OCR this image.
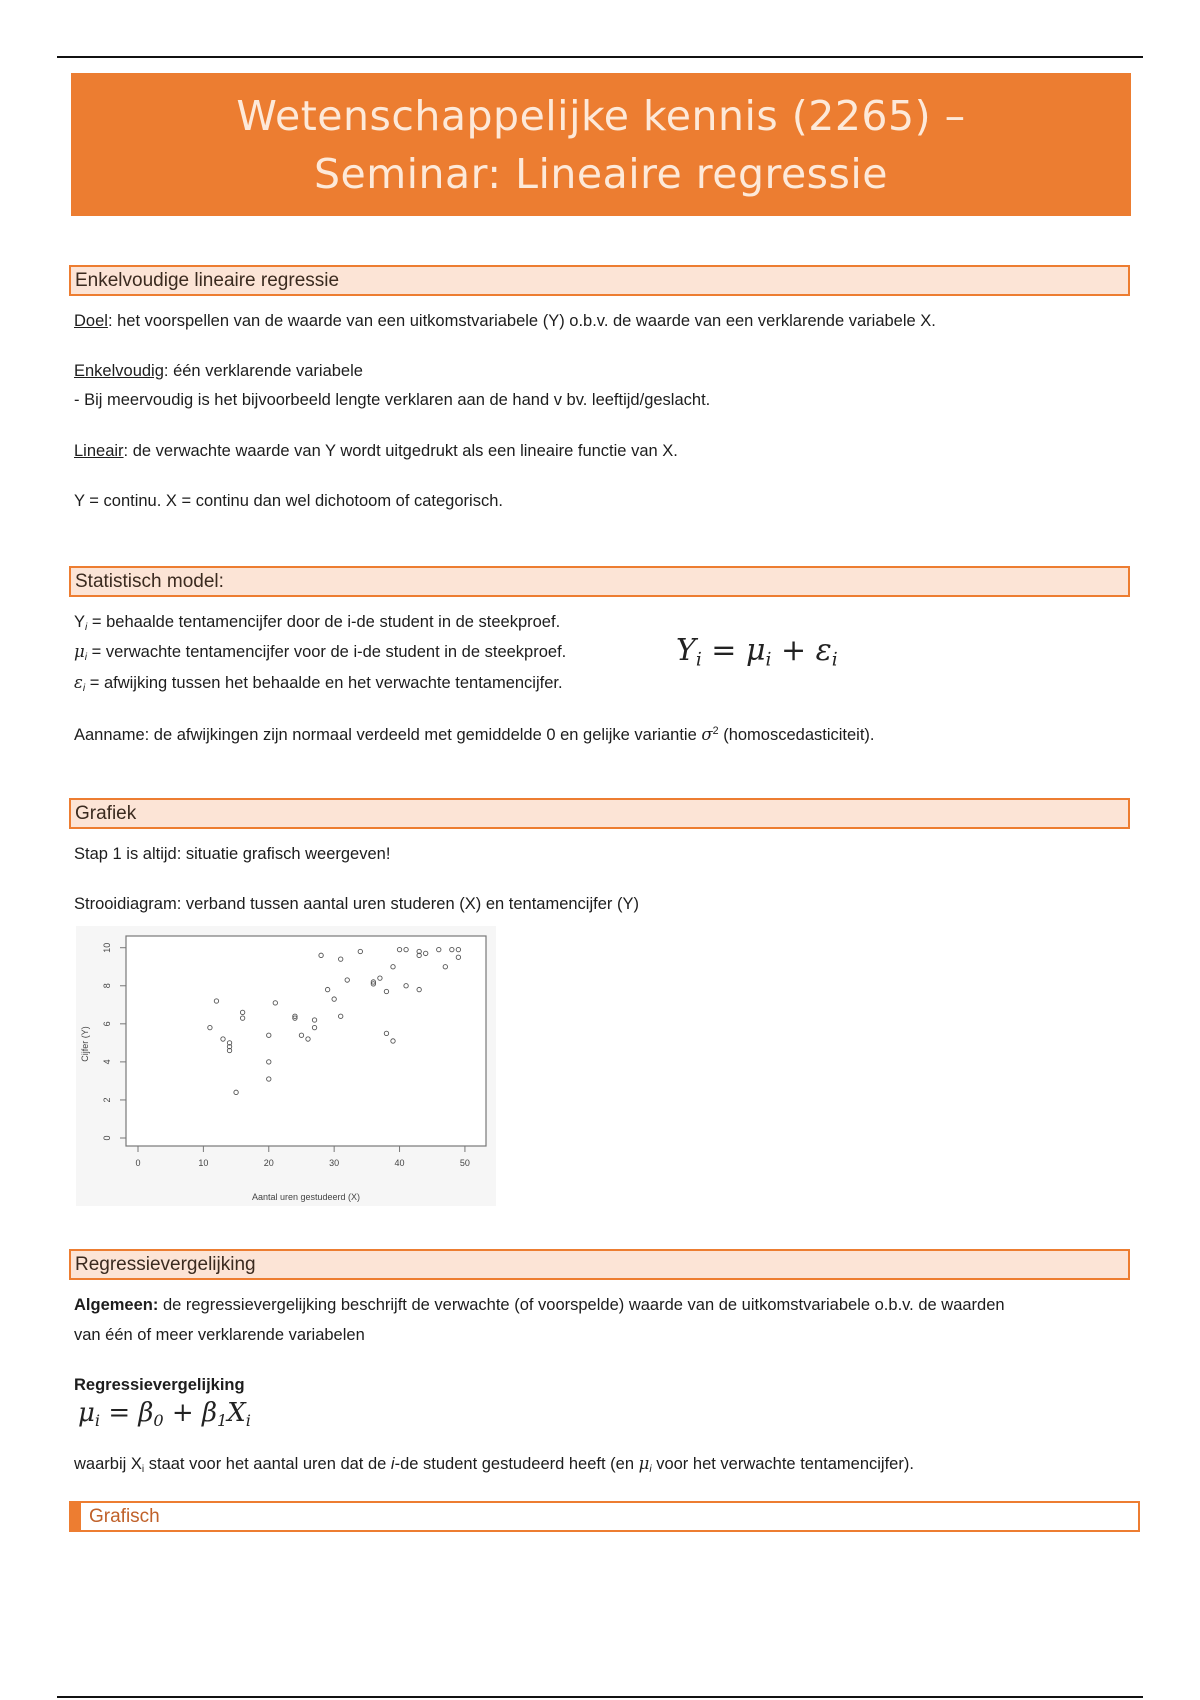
Wetenschappelijke kennis (2265) –
Seminar: Lineaire regressie
Enkelvoudige lineaire regressie
Doel: het voorspellen van de waarde van een uitkomstvariabele (Y) o.b.v. de waarde van een verklarende variabele X.
Enkelvoudig: één verklarende variabele
- Bij meervoudig is het bijvoorbeeld lengte verklaren aan de hand v bv. leeftijd/geslacht.
Lineair: de verwachte waarde van Y wordt uitgedrukt als een lineaire functie van X.
Y = continu. X = continu dan wel dichotoom of categorisch.
Statistisch model:
$Y_i$ = behaalde tentamencijfer door de i-de student in de steekproef.
$\mu_i$ = verwachte tentamencijfer voor de i-de student in de steekproef.
$\varepsilon_i$ = afwijking tussen het behaalde en het verwachte tentamencijfer.
$Y_i = \mu_i + \varepsilon_i$
Aanname: de afwijkingen zijn normaal verdeeld met gemiddelde 0 en gelijke variantie $\sigma^2$ (homoscedasticiteit).
Grafiek
Stap 1 is altijd: situatie grafisch weergeven!
Strooidiagram: verband tussen aantal uren studeren (X) en tentamencijfer (Y)
0	10	20	30	40	50
0
2
4
6
8
10
Aantal uren gestudeerd (X)
Cijfer (Y)
Regressievergelijking
Algemeen: de regressievergelijking beschrijft de verwachte (of voorspelde) waarde van de uitkomstvariabele o.b.v. de waarden
van één of meer verklarende variabelen
Regressievergelijking
$\mu_i = \beta_0 + \beta_1X_i$
waarbij $X_i$ staat voor het aantal uren dat de i-de student gestudeerd heeft (en $\mu_i$ voor het verwachte tentamencijfer).
Grafisch
